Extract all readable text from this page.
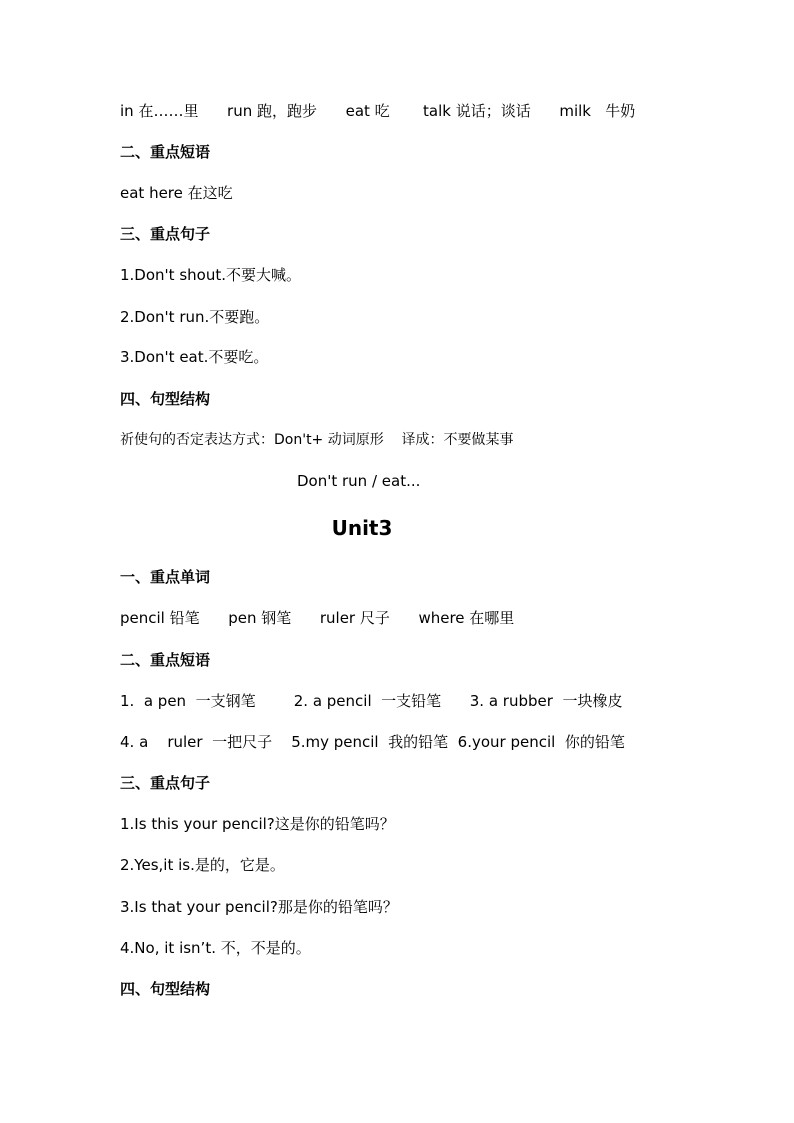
in 在……里      run 跑，跑步      eat 吃       talk 说话；谈话      milk   牛奶
二、重点短语
eat here 在这吃
三、重点句子
1.Don't shout.不要大喊。
2.Don't run.不要跑。
3.Don't eat.不要吃。
四、句型结构
祈使句的否定表达方式：Don't+ 动词原形    译成：不要做某事
Don't run / eat...
Unit3
一、重点单词
pencil 铅笔      pen 钢笔      ruler 尺子      where 在哪里
二、重点短语
1.  a pen  一支钢笔        2. a pencil  一支铅笔      3. a rubber  一块橡皮
4. a    ruler  一把尺子    5.my pencil  我的铅笔  6.your pencil  你的铅笔
三、重点句子
1.Is this your pencil?这是你的铅笔吗？
2.Yes,it is.是的，它是。
3.Is that your pencil?那是你的铅笔吗？
4.No, it isn’t. 不，不是的。
四、句型结构
